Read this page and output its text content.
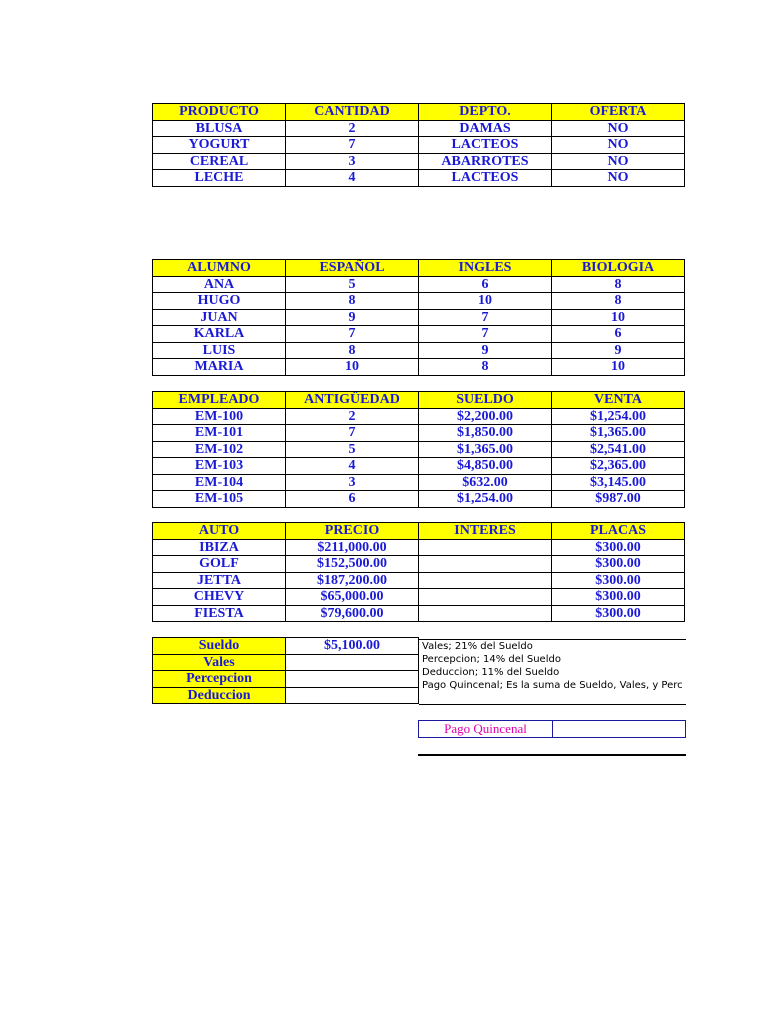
PRODUCTO	CANTIDAD	DEPTO.	OFERTA
BLUSA	2	DAMAS	NO
YOGURT	7	LACTEOS	NO
CEREAL	3	ABARROTES	NO
LECHE	4	LACTEOS	NO
ALUMNO	ESPAÑOL	INGLES	BIOLOGIA
ANA	5	6	8
HUGO	8	10	8
JUAN	9	7	10
KARLA	7	7	6
LUIS	8	9	9
MARIA	10	8	10
EMPLEADO	ANTIGÜEDAD	SUELDO	VENTA
EM-100	2	$2,200.00	$1,254.00
EM-101	7	$1,850.00	$1,365.00
EM-102	5	$1,365.00	$2,541.00
EM-103	4	$4,850.00	$2,365.00
EM-104	3	$632.00	$3,145.00
EM-105	6	$1,254.00	$987.00
AUTO	PRECIO	INTERES	PLACAS
IBIZA	$211,000.00		$300.00
GOLF	$152,500.00		$300.00
JETTA	$187,200.00		$300.00
CHEVY	$65,000.00		$300.00
FIESTA	$79,600.00		$300.00
Sueldo	$5,100.00
Vales	
Percepcion	
Deduccion	
Vales; 21% del Sueldo
Percepcion; 14% del Sueldo
Deduccion; 11% del Sueldo
Pago Quincenal; Es la suma de Sueldo, Vales, y Perc
Pago Quincenal
